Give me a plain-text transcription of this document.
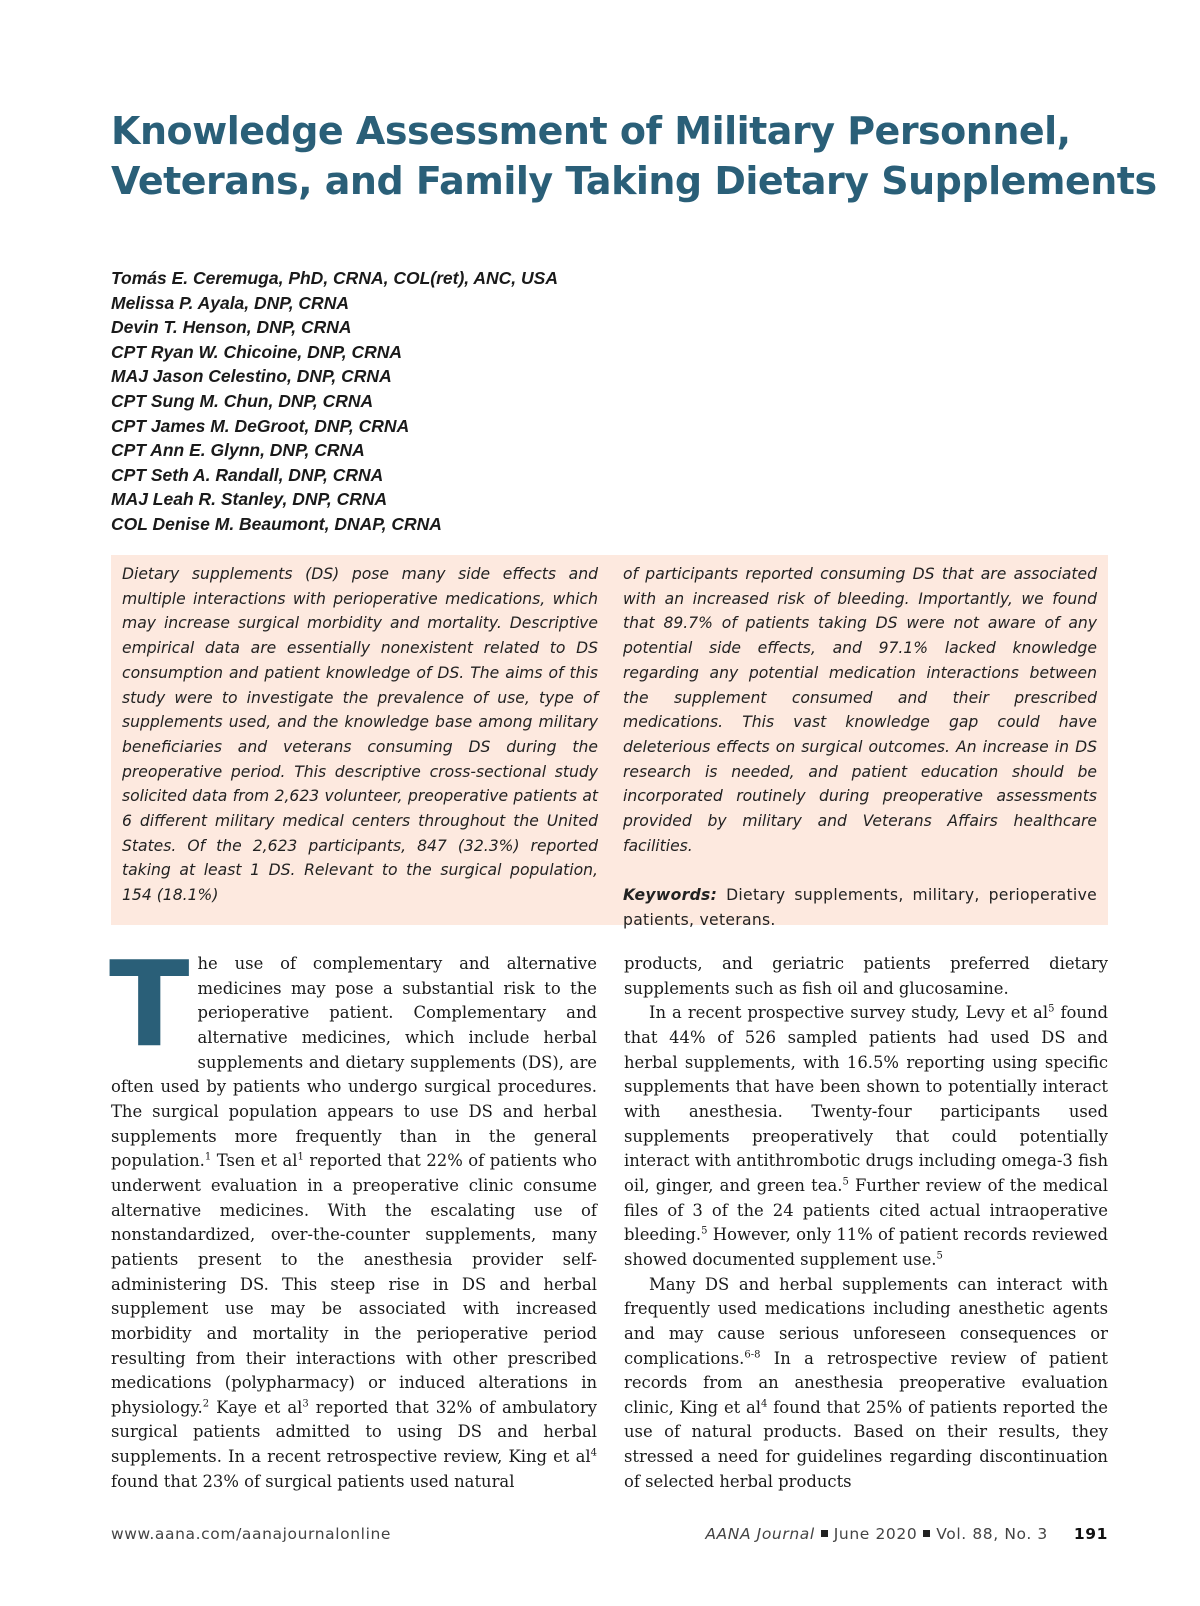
Knowledge Assessment of Military Personnel,
Veterans, and Family Taking Dietary Supplements
Tomás E. Ceremuga, PhD, CRNA, COL(ret), ANC, USA
Melissa P. Ayala, DNP, CRNA
Devin T. Henson, DNP, CRNA
CPT Ryan W. Chicoine, DNP, CRNA
MAJ Jason Celestino, DNP, CRNA
CPT Sung M. Chun, DNP, CRNA
CPT James M. DeGroot, DNP, CRNA
CPT Ann E. Glynn, DNP, CRNA
CPT Seth A. Randall, DNP, CRNA
MAJ Leah R. Stanley, DNP, CRNA
COL Denise M. Beaumont, DNAP, CRNA

Dietary supplements (DS) pose many side effects and multiple interactions with perioperative medications, which may increase surgical morbidity and mortality. Descriptive empirical data are essentially nonexistent related to DS consumption and patient knowledge of DS. The aims of this study were to investigate the prevalence of use, type of supplements used, and the knowledge base among military beneficiaries and veterans consuming DS during the preoperative period. This descriptive cross-sectional study solicited data from 2,623 volunteer, preoperative patients at 6 different military medical centers throughout the United States. Of the 2,623 participants, 847 (32.3%) reported taking at least 1 DS. Relevant to the surgical population, 154 (18.1%)

of participants reported consuming DS that are associated with an increased risk of bleeding. Importantly, we found that 89.7% of patients taking DS were not aware of any potential side effects, and 97.1% lacked knowledge regarding any potential medication interactions between the supplement consumed and their prescribed medications. This vast knowledge gap could have deleterious effects on surgical outcomes. An increase in DS research is needed, and patient education should be incorporated routinely during preoperative assessments provided by military and Veterans Affairs healthcare facilities.

Keywords: Dietary supplements, military, perioperative patients, veterans.

T he use of complementary and alternative medicines may pose a substantial risk to the perioperative patient. Complementary and alternative medicines, which include herbal supplements and dietary supplements (DS), are often used by patients who undergo surgical procedures. The surgical population appears to use DS and herbal supplements more frequently than in the general population.$^1$ Tsen et $al^1$ reported that 22% of patients who underwent evaluation in a preoperative clinic consume alternative medicines. With the escalating use of nonstandardized, over-the-counter supplements, many patients present to the anesthesia provider self-administering DS. This steep rise in DS and herbal supplement use may be associated with increased morbidity and mortality in the perioperative period resulting from their interactions with other prescribed medications (polypharmacy) or induced alterations in physiology.$^2$ Kaye et $al^3$ reported that 32% of ambulatory surgical patients admitted to using DS and herbal supplements. In a recent retrospective review, King et $al^4$ found that 23% of surgical patients used natural

products, and geriatric patients preferred dietary supplements such as fish oil and glucosamine.

In a recent prospective survey study, Levy et $al^5$ found that 44% of 526 sampled patients had used DS and herbal supplements, with 16.5% reporting using specific supplements that have been shown to potentially interact with anesthesia. Twenty-four participants used supplements preoperatively that could potentially interact with antithrombotic drugs including omega-3 fish oil, ginger, and green tea.$^5$ Further review of the medical files of 3 of the 24 patients cited actual intraoperative bleeding.$^5$ However, only 11% of patient records reviewed showed documented supplement use.$^5$

Many DS and herbal supplements can interact with frequently used medications including anesthetic agents and may cause serious unforeseen consequences or complications.$^{6-8}$ In a retrospective review of patient records from an anesthesia preoperative evaluation clinic, King et $al^4$ found that 25% of patients reported the use of natural products. Based on their results, they stressed a need for guidelines regarding discontinuation of selected herbal products

www.aana.com/aanajournalonline	AANA Journal June 2020 Vol. 88, No. 3 191
